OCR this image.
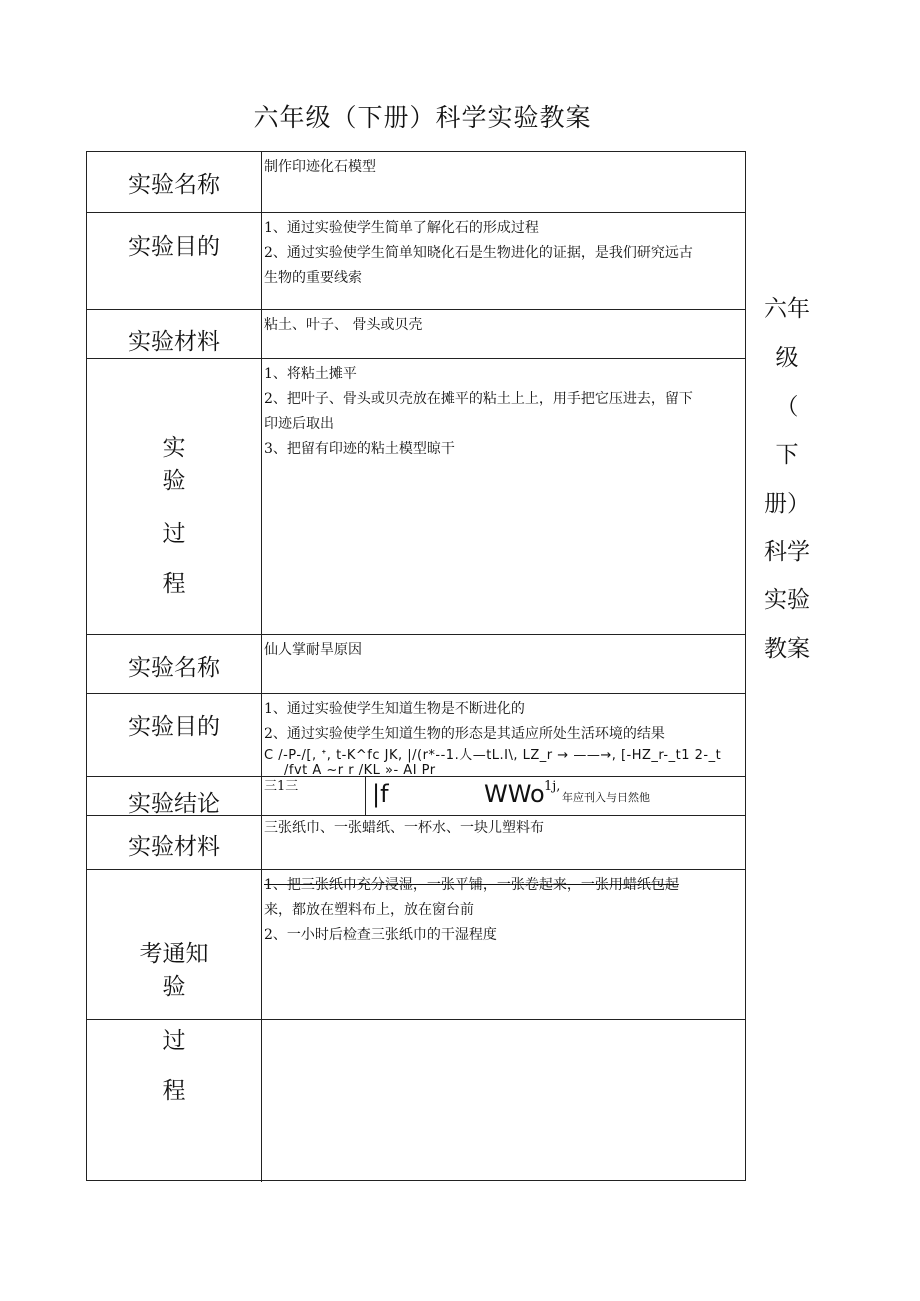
六年级（下册）科学实验教案
实验名称
制作印迹化石模型
实验目的
1、通过实验使学生简单了解化石的形成过程
2、通过实验使学生简单知晓化石是生物进化的证据，是我们研究远古
生物的重要线索
实验材料
粘土、叶子、 骨头或贝壳
实
验
过
程
1、将粘土摊平
2、把叶子、骨头或贝壳放在摊平的粘土上上，用手把它压进去，留下
印迹后取出
3、把留有印迹的粘土模型晾干
实验名称
仙人掌耐旱原因
实验目的
1、通过实验使学生知道生物是不断进化的
2、通过实验使学生知道生物的形态是其适应所处生活环境的结果
C /-P-/[, ᐩ, t-K^fc JK, |/(r*--1.人—tL.I\, LZ_r → ——→, [-HZ_r-_t1 2-_t
/fvt A ~r r /KL »- AI Pr
实验结论
三1三	|f	WWo 1j,
年应刊入与日然他
实验材料
三张纸巾、一张蜡纸、一杯水、一块儿塑料布
考通知
验
1、把三张纸巾充分浸湿，一张平铺，一张卷起来，一张用蜡纸包起
来，都放在塑料布上，放在窗台前
2、一小时后检查三张纸巾的干湿程度
过
程
六年
级
（
下
册）
科学
实验
教案
